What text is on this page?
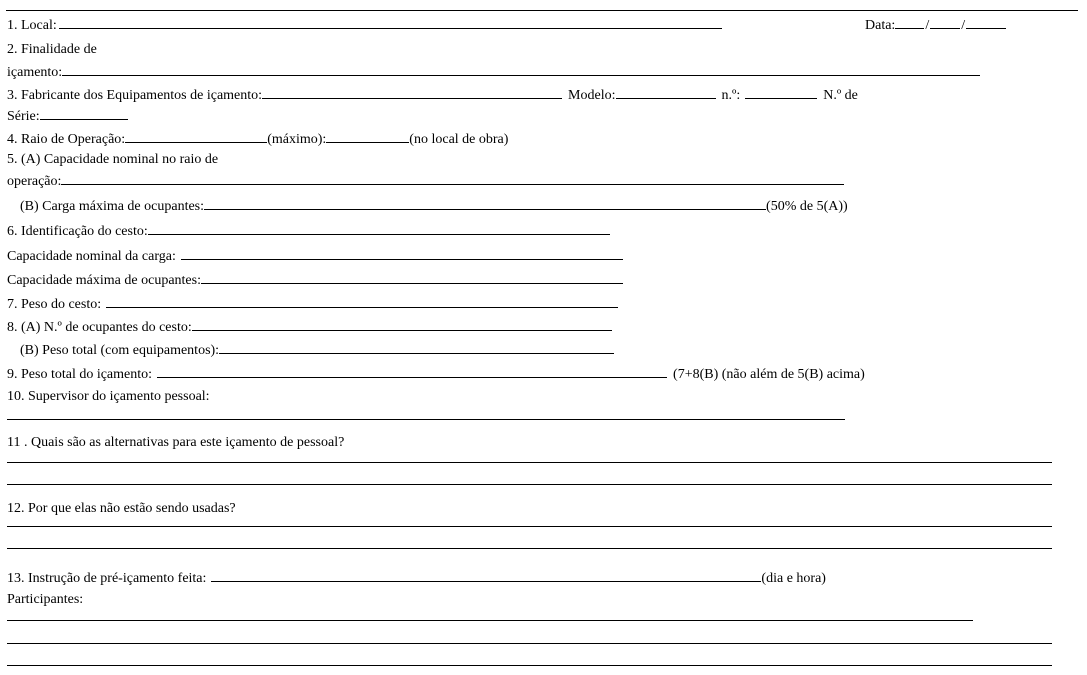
1. Local:	Data: / /
2. Finalidade de
içamento:
3. Fabricante dos Equipamentos de içamento:	Modelo:	n.º:	N.º de
Série:
4. Raio de Operação:	(máximo):	(no local de obra)
5. (A) Capacidade nominal no raio de
operação:
(B) Carga máxima de ocupantes:	(50% de 5(A))
6. Identificação do cesto:
Capacidade nominal da carga:
Capacidade máxima de ocupantes:
7. Peso do cesto:
8. (A) N.º de ocupantes do cesto:
(B) Peso total (com equipamentos):
9. Peso total do içamento:	(7+8(B) (não além de 5(B) acima)
10. Supervisor do içamento pessoal:
11 . Quais são as alternativas para este içamento de pessoal?
12. Por que elas não estão sendo usadas?
13. Instrução de pré-içamento feita:	(dia e hora)
Participantes:
